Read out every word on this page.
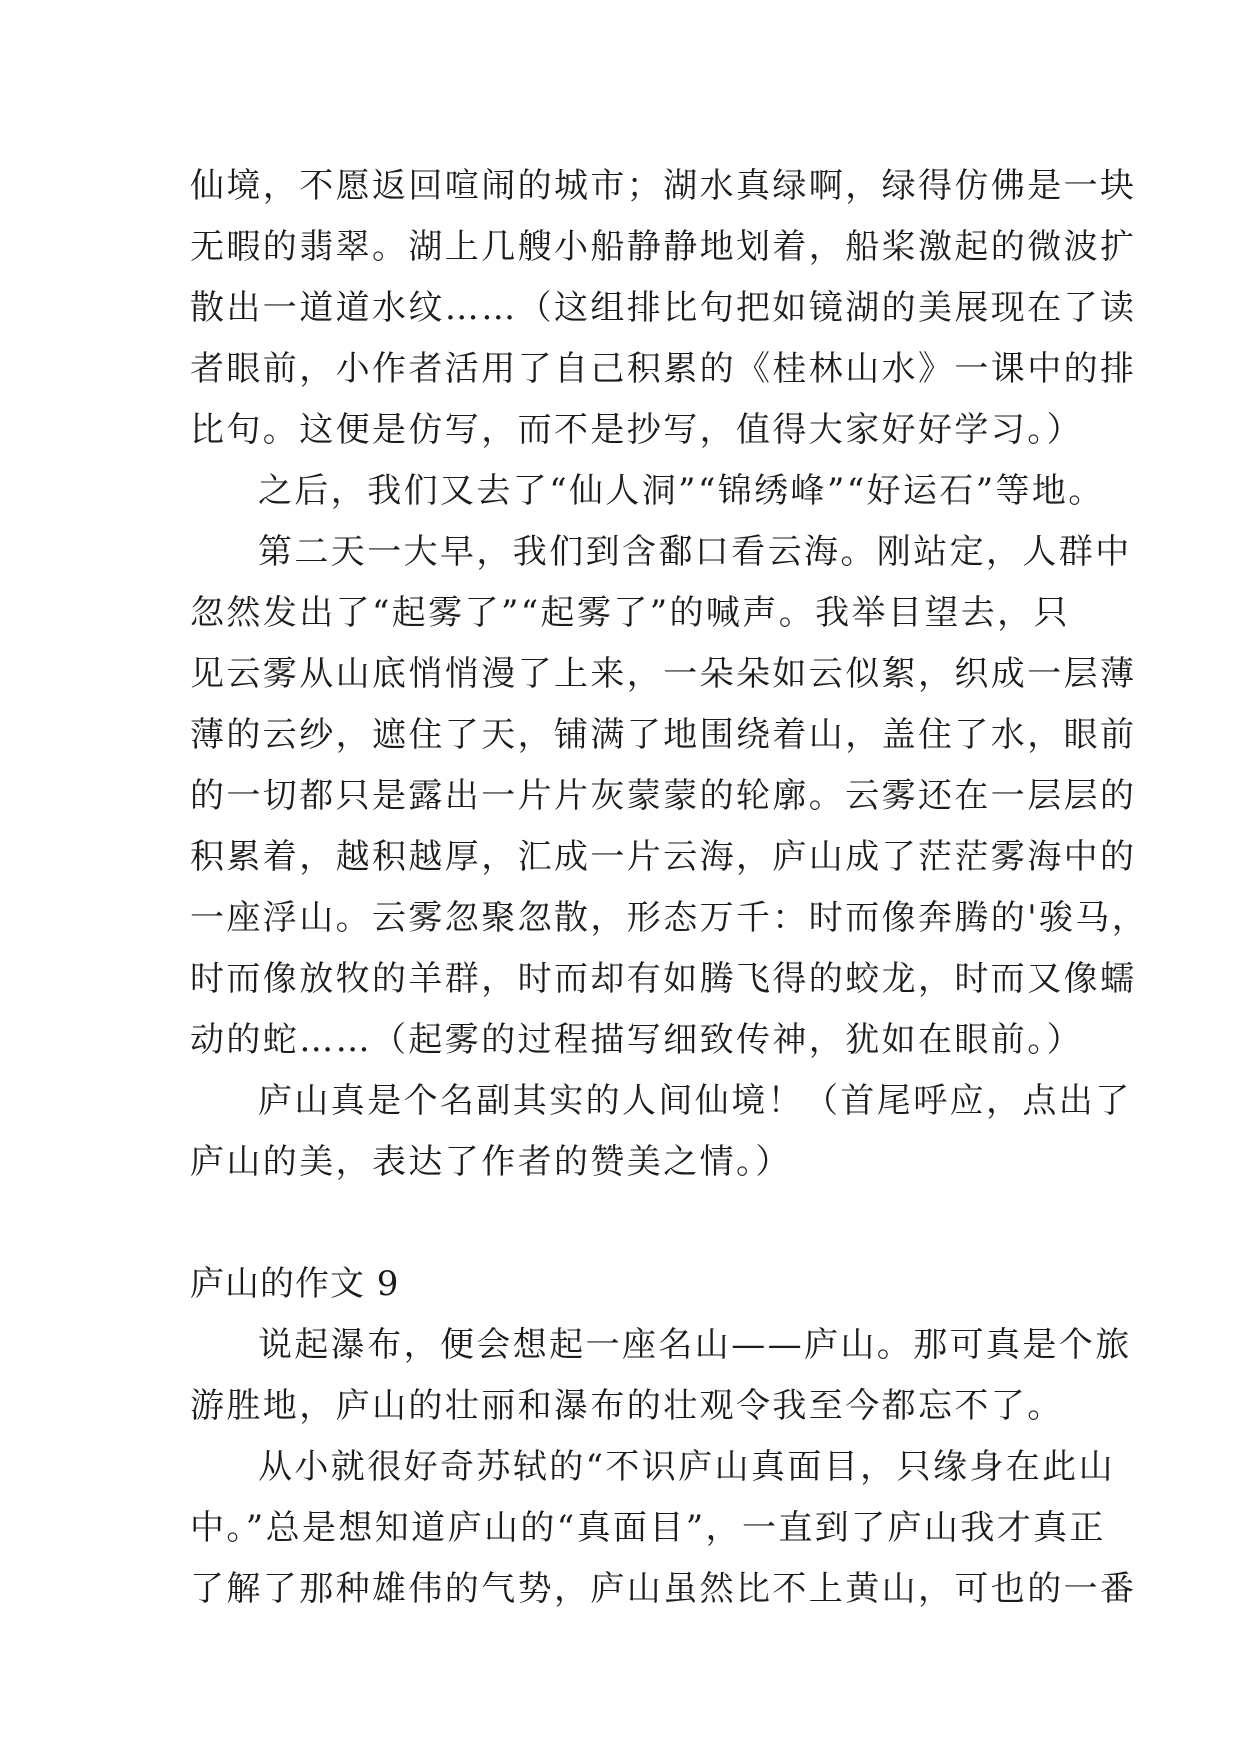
仙境，不愿返回喧闹的城市；湖水真绿啊，绿得仿佛是一块
无暇的翡翠。湖上几艘小船静静地划着，船桨激起的微波扩
散出一道道水纹……（这组排比句把如镜湖的美展现在了读
者眼前，小作者活用了自己积累的《桂林山水》一课中的排
比句。这便是仿写，而不是抄写，值得大家好好学习。）
之后，我们又去了“仙人洞”“锦绣峰”“好运石”等地。
第二天一大早，我们到含鄱口看云海。刚站定，人群中
忽然发出了“起雾了”“起雾了”的喊声。我举目望去，只
见云雾从山底悄悄漫了上来，一朵朵如云似絮，织成一层薄
薄的云纱，遮住了天，铺满了地围绕着山，盖住了水，眼前
的一切都只是露出一片片灰蒙蒙的轮廓。云雾还在一层层的
积累着，越积越厚，汇成一片云海，庐山成了茫茫雾海中的
一座浮山。云雾忽聚忽散，形态万千：时而像奔腾的'骏马，
时而像放牧的羊群，时而却有如腾飞得的蛟龙，时而又像蠕
动的蛇……（起雾的过程描写细致传神，犹如在眼前。）
庐山真是个名副其实的人间仙境！（首尾呼应，点出了
庐山的美，表达了作者的赞美之情。）
庐山的作文 9
说起瀑布，便会想起一座名山——庐山。那可真是个旅
游胜地，庐山的壮丽和瀑布的壮观令我至今都忘不了。
从小就很好奇苏轼的“不识庐山真面目，只缘身在此山
中。”总是想知道庐山的“真面目”，一直到了庐山我才真正
了解了那种雄伟的气势，庐山虽然比不上黄山，可也的一番
